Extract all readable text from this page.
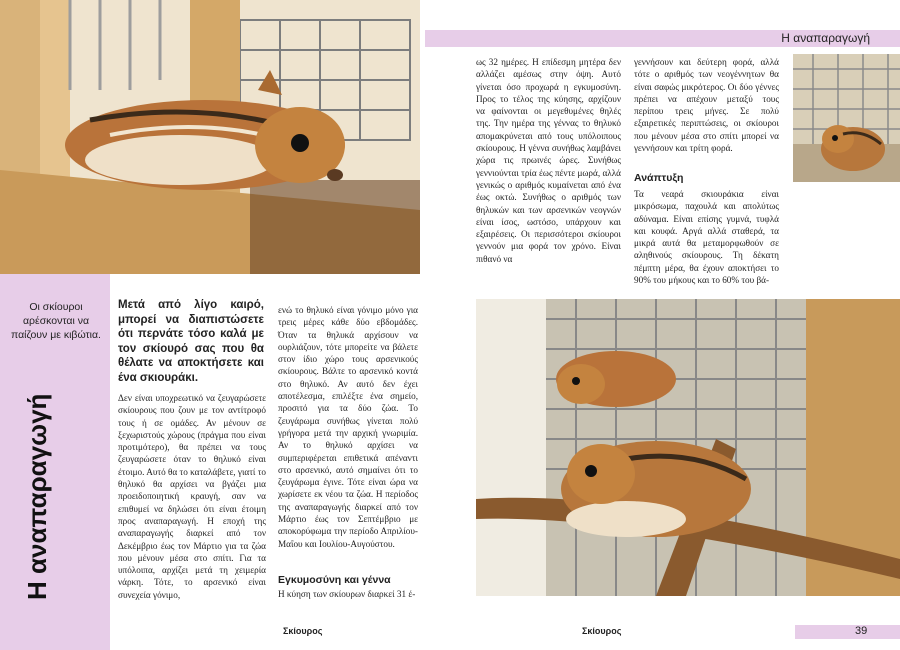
Οι σκίουροι αρέσκονται να παίζουν με κιβώτια.
Η αναπαραγωγή
Μετά από λίγο καιρό, μπορεί να διαπιστώσετε ότι περνάτε τόσο καλά με τον σκίουρό σας που θα θέλατε να αποκτήσετε και ένα σκιουράκι.
Δεν είναι υποχρεωτικό να ζευγαρώσετε σκίουρους που ζουν με τον αντίτροφό τους ή σε ομάδες. Αν μένουν σε ξεχωριστούς χώρους (πράγμα που είναι προτιμότερο), θα πρέπει να τους ζευγαρώσετε όταν το θηλυκό είναι έτοιμο. Αυτό θα το καταλάβετε, γιατί το θηλυκό θα αρχίσει να βγάζει μια προειδοποιητική κραυγή, σαν να επιθυμεί να δηλώσει ότι είναι έτοιμη προς αναπαραγωγή. Η εποχή της αναπαραγωγής διαρκεί από τον Δεκέμβριο έως τον Μάρτιο για τα ζώα που μένουν μέσα στο σπίτι. Για τα υπόλοιπα, αρχίζει μετά τη χειμερία νάρκη. Τότε, το αρσενικό είναι συνεχεία γόνιμο,
ενώ το θηλυκό είναι γόνιμο μόνο για τρεις μέρες κάθε δύο εβδομάδες. Όταν τα θηλυκά αρχίσουν να ουρλιάζουν, τότε μπορείτε να βάλετε στον ίδιο χώρο τους αρσενικούς σκίουρους. Βάλτε το αρσενικό κοντά στο θηλυκό. Αν αυτό δεν έχει αποτέλεσμα, επιλέξτε ένα σημείο, προσιτό για τα δύο ζώα. Το ζευγάρωμα συνήθως γίνεται πολύ γρήγορα μετά την αρχική γνωριμία. Αν το θηλυκό αρχίσει να συμπεριφέρεται επιθετικά απέναντι στο αρσενικό, αυτό σημαίνει ότι το ζευγάρωμα έγινε. Τότε είναι ώρα να χωρίσετε εκ νέου τα ζώα. Η περίοδος της αναπαραγωγής διαρκεί από τον Μάρτιο έως τον Σεπτέμβριο με αποκορύφωμα την περίοδο Απριλίου-Μαΐου και Ιουλίου-Αυγούστου.
Εγκυμοσύνη και γέννα
Η κύηση των σκίουρων διαρκεί 31 έ-
Σκίουρος
Η αναπαραγωγή
ως 32 ημέρες. Η επίδεσμη μητέρα δεν αλλάζει αμέσως στην όψη. Αυτό γίνεται όσο προχωρά η εγκυμοσύνη. Προς το τέλος της κύησης, αρχίζουν να φαίνονται οι μεγεθυμένες θηλές της. Την ημέρα της γέννας το θηλυκό απομακρύνεται από τους υπόλοιπους σκίουρους. Η γέννα συνήθως λαμβάνει χώρα τις πρωινές ώρες. Συνήθως γεννιούνται τρία έως πέντε μωρά, αλλά γενικώς ο αριθμός κυμαίνεται από ένα έως οκτώ. Συνήθως ο αριθμός των θηλυκών και των αρσενικών νεογνών είναι ίσος, ωστόσο, υπάρχουν και εξαιρέσεις. Οι περισσότεροι σκίουροι γεννούν μια φορά τον χρόνο. Είναι πιθανό να
γεννήσουν και δεύτερη φορά, αλλά τότε ο αριθμός των νεογέννητων θα είναι σαφώς μικρότερος. Οι δύο γέννες πρέπει να απέχουν μεταξύ τους περίπου τρεις μήνες. Σε πολύ εξαιρετικές περιπτώσεις, οι σκίουροι που μένουν μέσα στο σπίτι μπορεί να γεννήσουν και τρίτη φορά.
Ανάπτυξη
Τα νεαρά σκιουράκια είναι μικρόσωμα, παχουλά και απολύτως αδύναμα. Είναι επίσης γυμνά, τυφλά και κουφά. Αργά αλλά σταθερά, τα μικρά αυτά θα μεταμορφωθούν σε αληθινούς σκίουρους. Τη δέκατη πέμπτη μέρα, θα έχουν αποκτήσει το 90% του μήκους και το 60% του βά-
Σκίουρος	39
